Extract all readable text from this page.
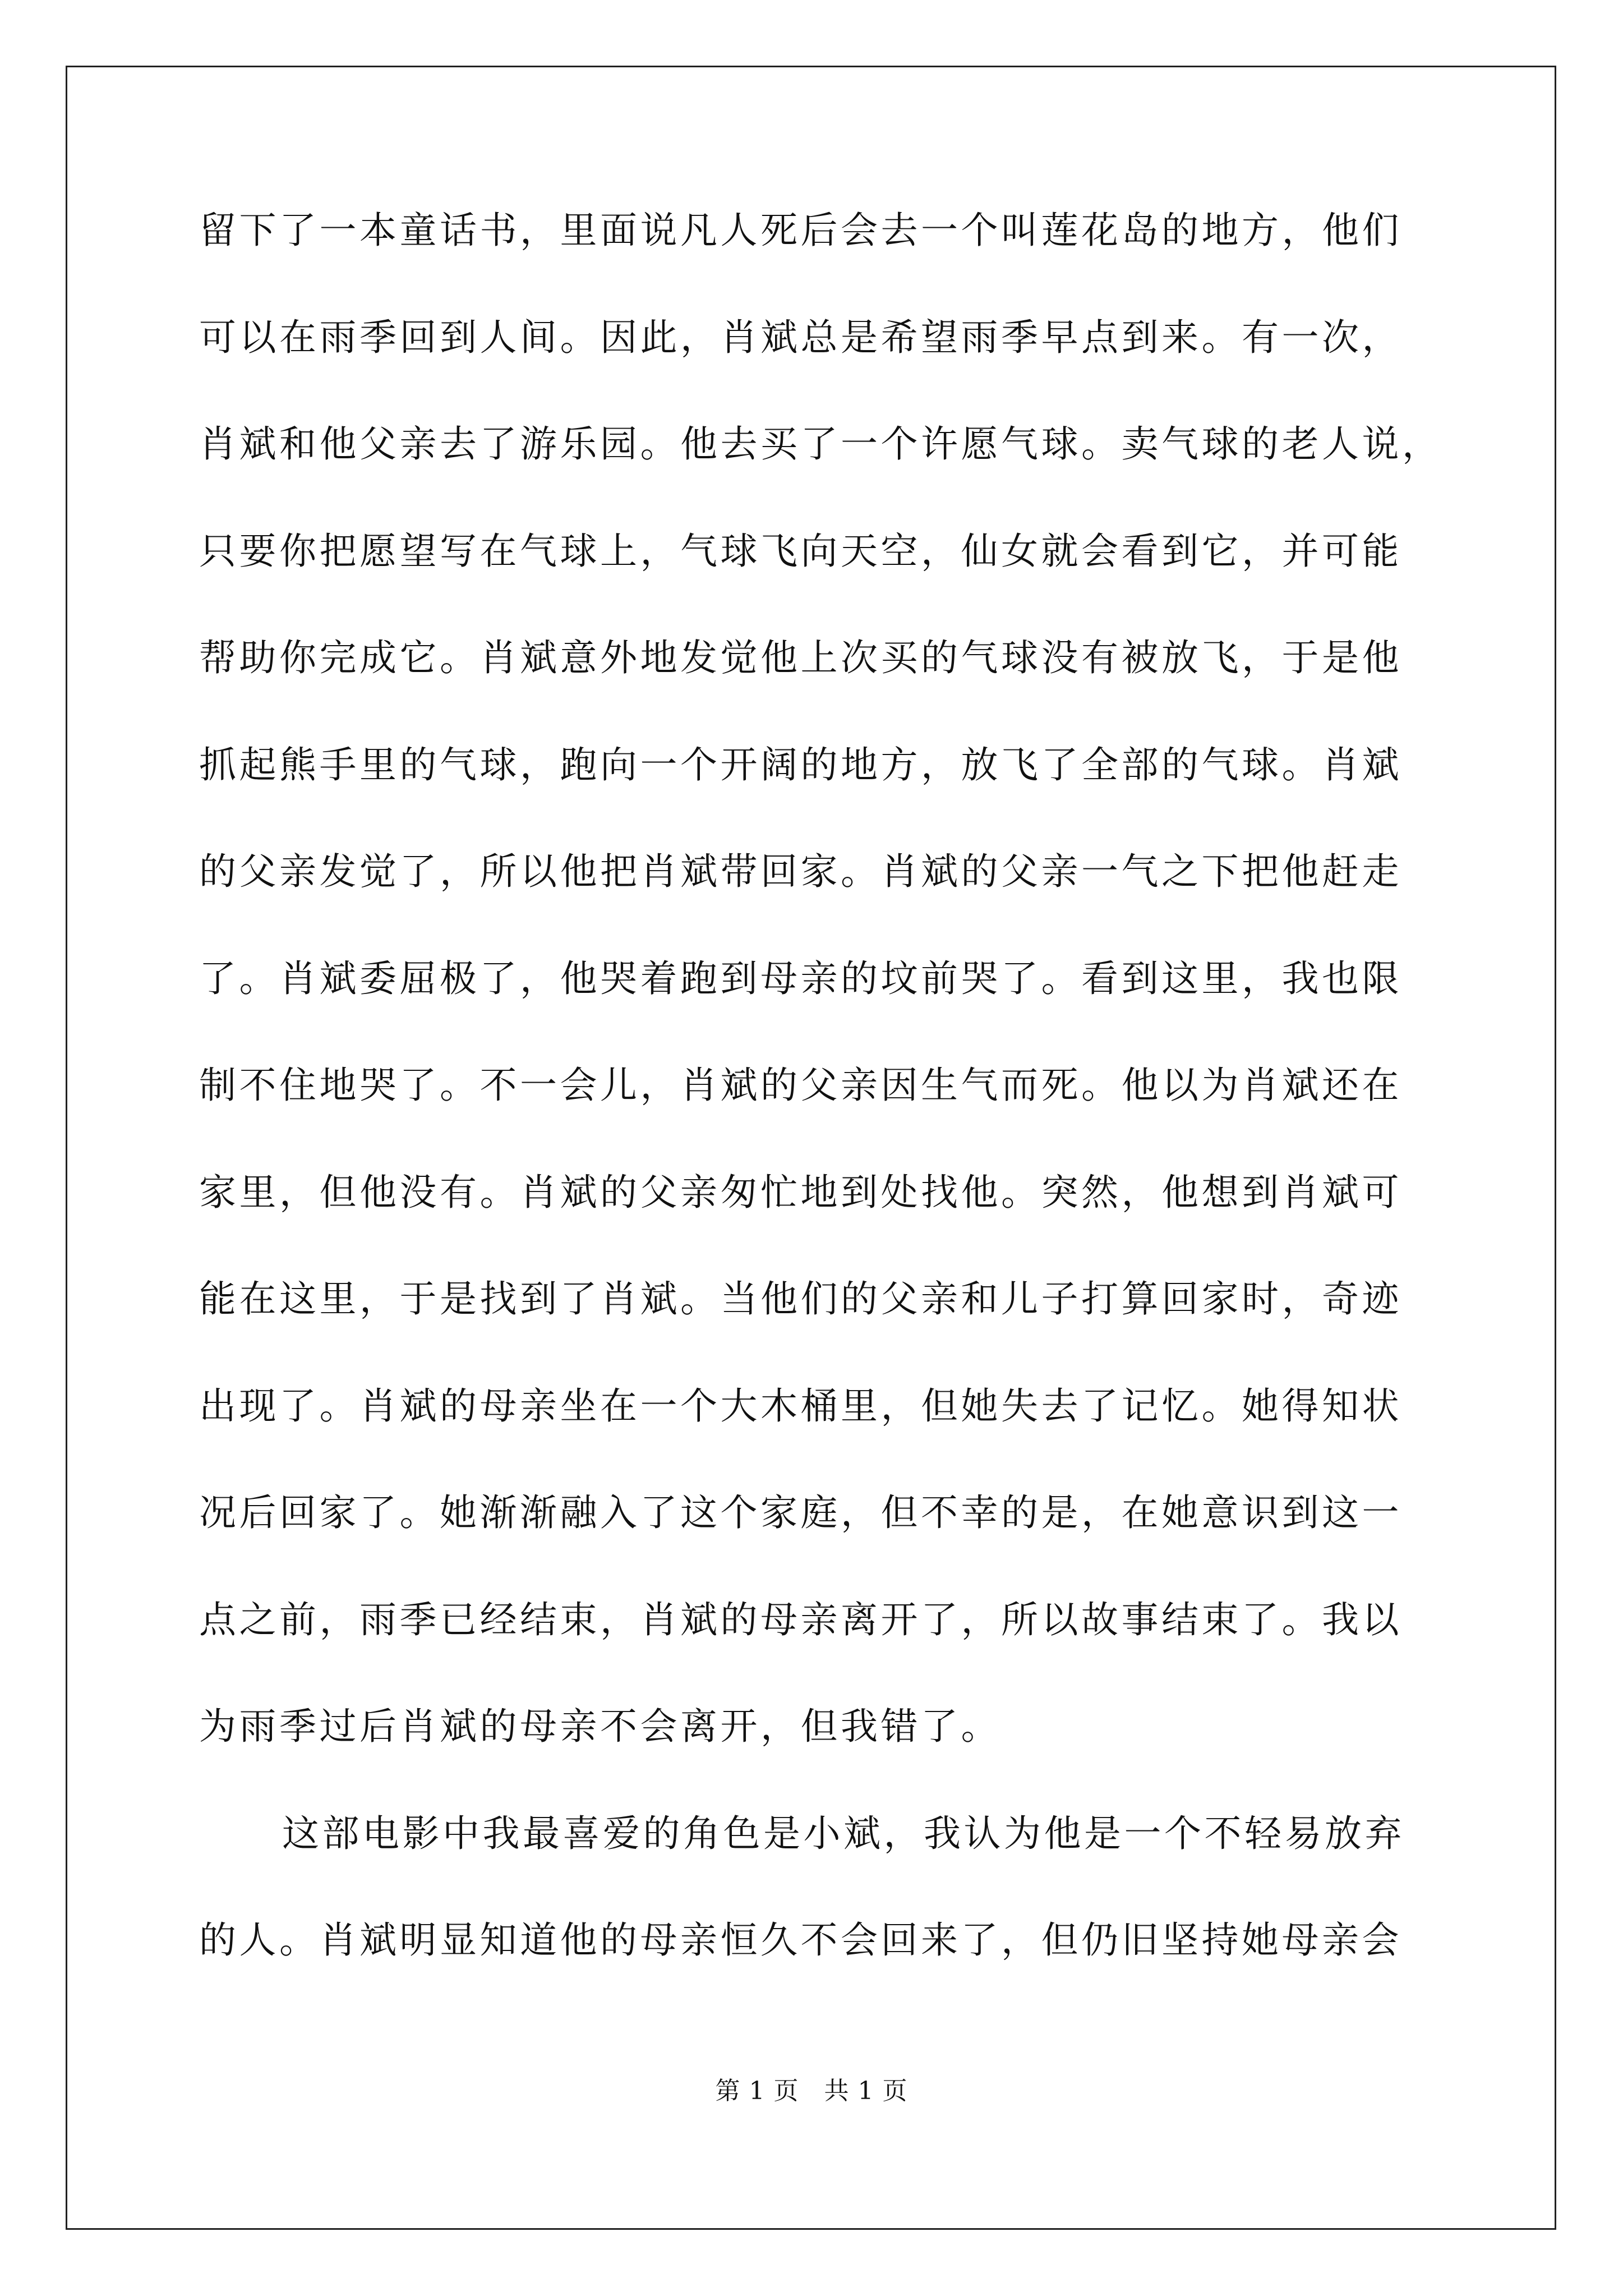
留下了一本童话书，里面说凡人死后会去一个叫莲花岛的地方，他们
可以在雨季回到人间。因此，肖斌总是希望雨季早点到来。有一次，
肖斌和他父亲去了游乐园。他去买了一个许愿气球。卖气球的老人说，
只要你把愿望写在气球上，气球飞向天空，仙女就会看到它，并可能
帮助你完成它。肖斌意外地发觉他上次买的气球没有被放飞，于是他
抓起熊手里的气球，跑向一个开阔的地方，放飞了全部的气球。肖斌
的父亲发觉了，所以他把肖斌带回家。肖斌的父亲一气之下把他赶走
了。肖斌委屈极了，他哭着跑到母亲的坟前哭了。看到这里，我也限
制不住地哭了。不一会儿，肖斌的父亲因生气而死。他以为肖斌还在
家里，但他没有。肖斌的父亲匆忙地到处找他。突然，他想到肖斌可
能在这里，于是找到了肖斌。当他们的父亲和儿子打算回家时，奇迹
出现了。肖斌的母亲坐在一个大木桶里，但她失去了记忆。她得知状
况后回家了。她渐渐融入了这个家庭，但不幸的是，在她意识到这一
点之前，雨季已经结束，肖斌的母亲离开了，所以故事结束了。我以
为雨季过后肖斌的母亲不会离开，但我错了。
这部电影中我最喜爱的角色是小斌，我认为他是一个不轻易放弃
的人。肖斌明显知道他的母亲恒久不会回来了，但仍旧坚持她母亲会
第 1 页　共 1 页
